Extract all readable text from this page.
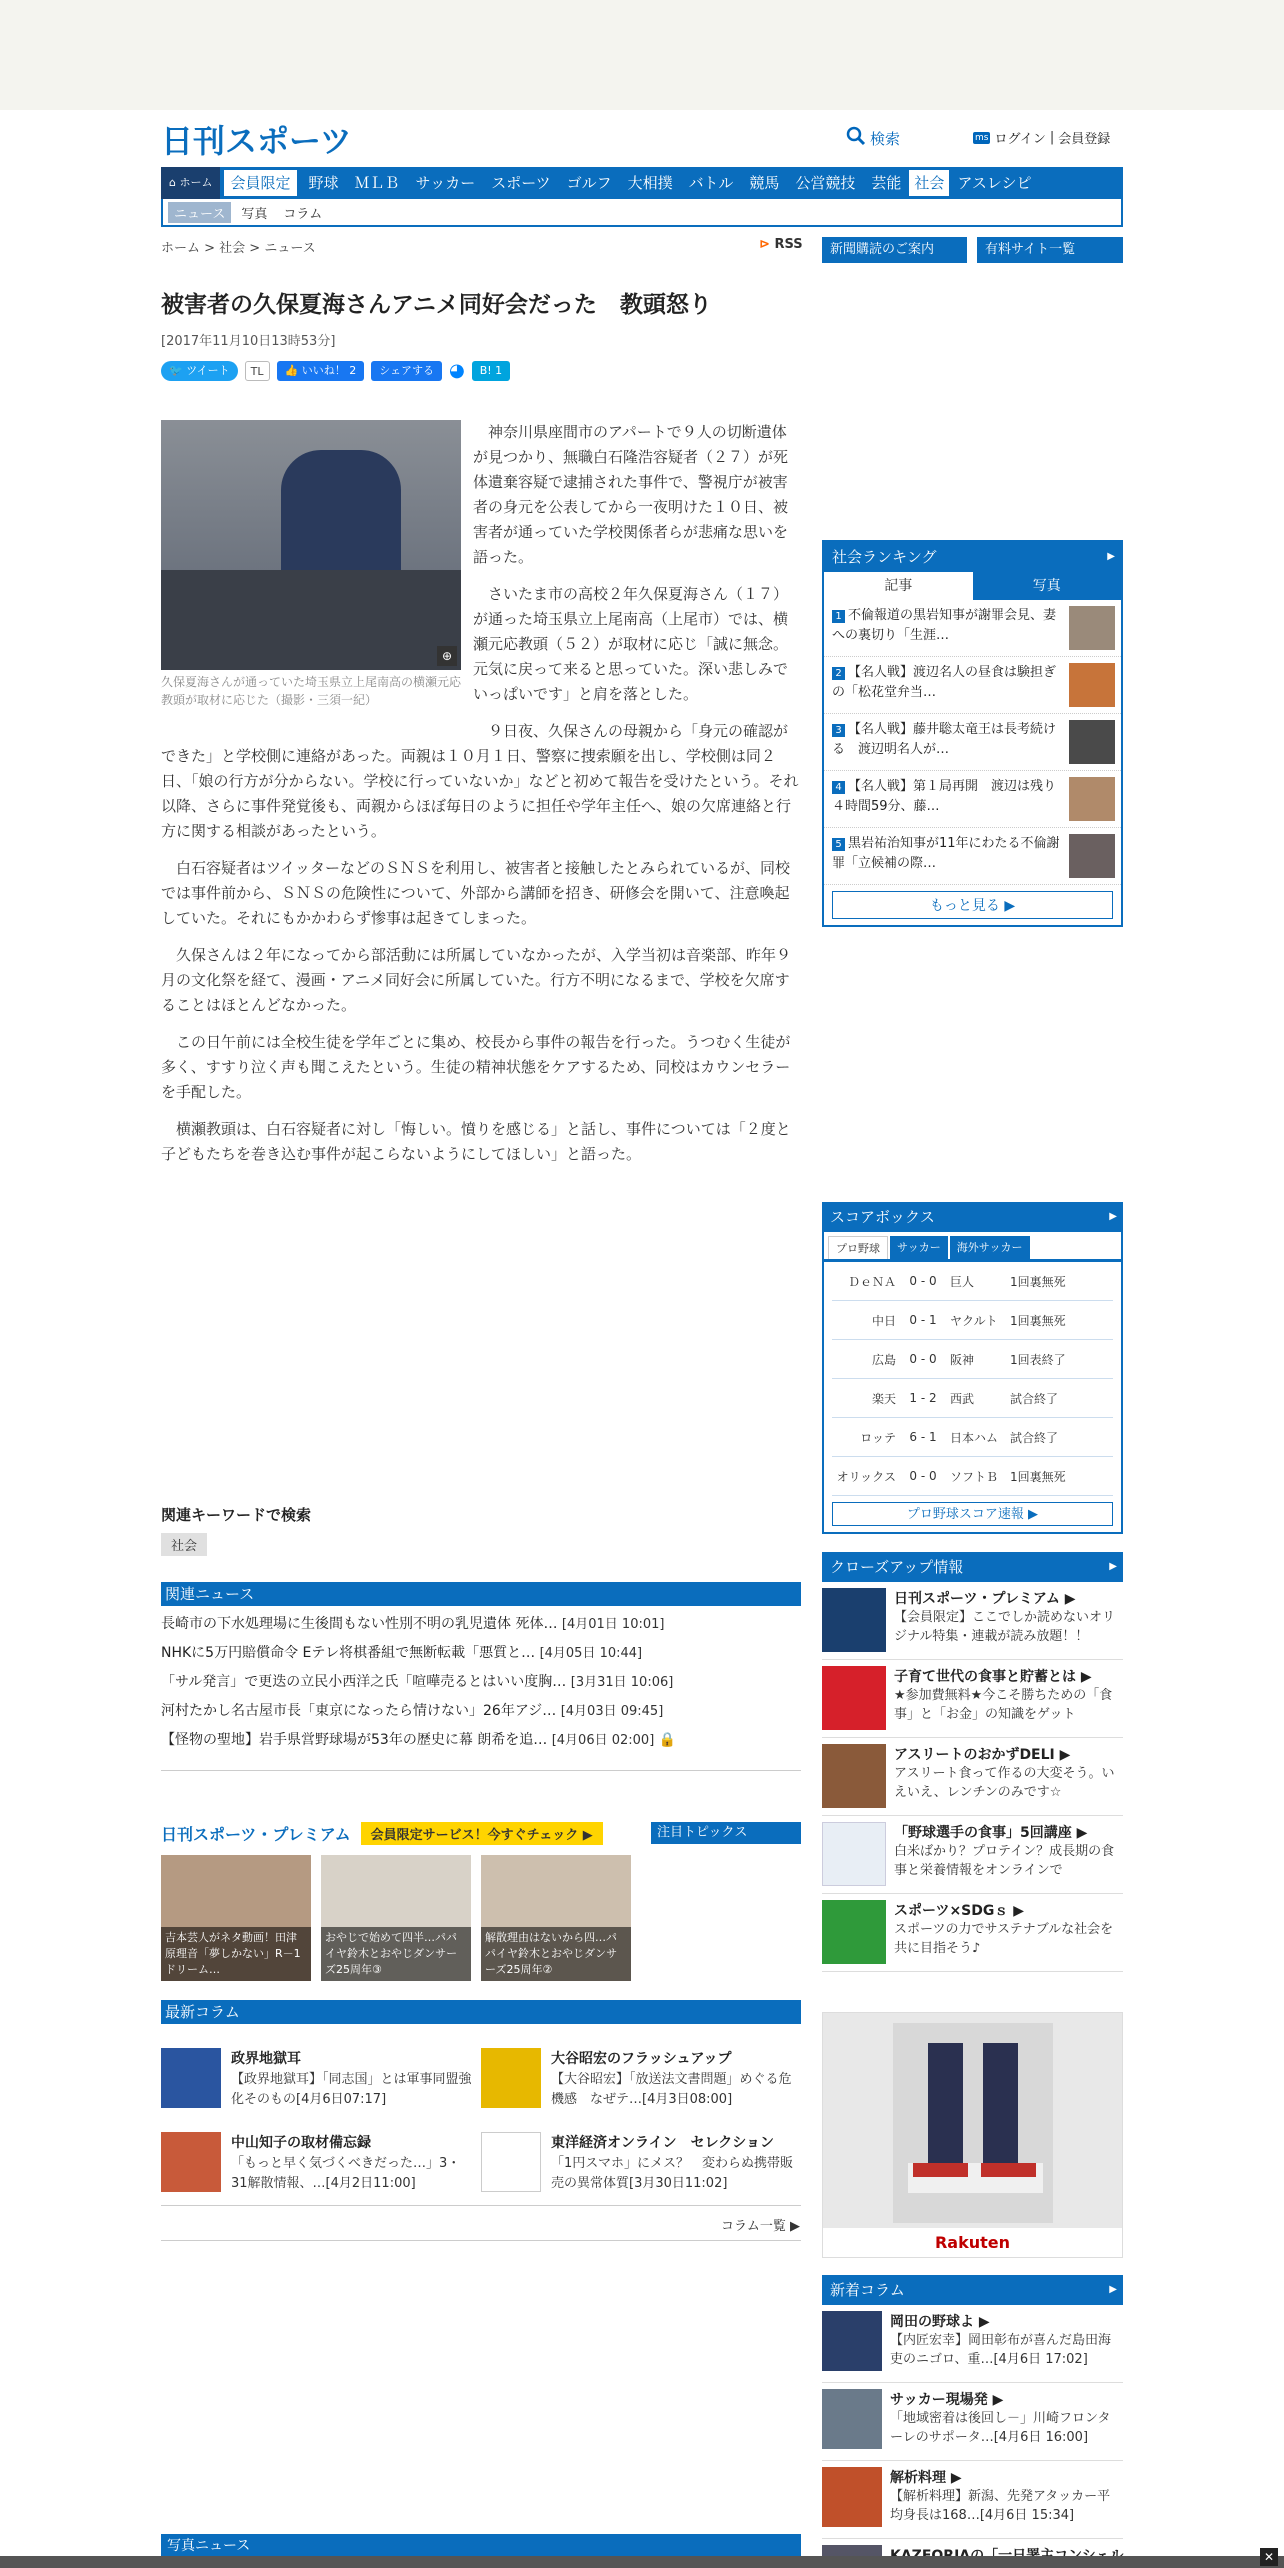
日刊スポーツ	検索	ms ログイン | 会員登録
⌂ ホーム	会員限定	野球	ＭＬＢ	サッカー	スポーツ	ゴルフ	大相撲	バトル	競馬	公営競技	芸能 社会 アスレシピ
ニュース	写真	コラム
ホーム > 社会 > ニュース	⊳ RSS
被害者の久保夏海さんアニメ同好会だった　教頭怒り
[2017年11月10日13時53分]
🐦 ツイート	TL	👍 いいね！ 2	シェアする ◕	B! 1

神奈川県座間市のアパートで９人の切断遺体が見つかり、無職白石隆浩容疑者（２７）が死体遺棄容疑で逮捕された事件で、警視庁が被害者の身元を公表してから一夜明けた１０日、被害者が通っていた学校関係者らが悲痛な思いを語った。

さいたま市の高校２年久保夏海さん（１７）が通った埼玉県立上尾南高（上尾市）では、横瀬元応教頭（５２）が取材に応じ「誠に無念。元気に戻って来ると思っていた。深い悲しみでいっぱいです」と肩を落とした。

９日夜、久保さんの母親から「身元の確認ができた」と学校側に連絡があった。両親は１０月１日、警察に捜索願を出し、学校側は同２日、「娘の行方が分からない。学校に行っていないか」などと初めて報告を受けたという。それ以降、さらに事件発覚後も、両親からほぼ毎日のように担任や学年主任へ、娘の欠席連絡と行方に関する相談があったという。

白石容疑者はツイッターなどのＳＮＳを利用し、被害者と接触したとみられているが、同校では事件前から、ＳＮＳの危険性について、外部から講師を招き、研修会を開いて、注意喚起していた。それにもかかわらず惨事は起きてしまった。

久保さんは２年になってから部活動には所属していなかったが、入学当初は音楽部、昨年９月の文化祭を経て、漫画・アニメ同好会に所属していた。行方不明になるまで、学校を欠席することはほとんどなかった。

この日午前には全校生徒を学年ごとに集め、校長から事件の報告を行った。うつむく生徒が多く、すすり泣く声も聞こえたという。生徒の精神状態をケアするため、同校はカウンセラーを手配した。

横瀬教頭は、白石容疑者に対し「悔しい。憤りを感じる」と話し、事件については「２度と子どもたちを巻き込む事件が起こらないようにしてほしい」と語った。

⊕
久保夏海さんが通っていた埼玉県立上尾南高の横瀬元応教頭が取材に応じた（撮影・三須一紀）
関連キーワードで検索
社会
関連ニュース
長崎市の下水処理場に生後間もない性別不明の乳児遺体 死体… [4月01日 10:01]
NHKに5万円賠償命令 Eテレ将棋番組で無断転載「悪質と… [4月05日 10:44]
「サル発言」で更迭の立民小西洋之氏「喧嘩売るとはいい度胸… [3月31日 10:06]
河村たかし名古屋市長「東京になったら情けない」26年アジ… [4月03日 09:45]
【怪物の聖地】岩手県営野球場が53年の歴史に幕 朗希を追… [4月06日 02:00] 🔒
日刊スポーツ・プレミアム	会員限定サービス！今すぐチェック ▶	注目トピックス
吉本芸人がネタ動画！田津原理音「夢しかない」R－1ドリーム…
おやじで始めて四半…パパイヤ鈴木とおやじダンサーズ25周年③
解散理由はないから四…パパイヤ鈴木とおやじダンサーズ25周年②
最新コラム
政界地獄耳
【政界地獄耳】「同志国」とは軍事同盟強化そのもの[4月6日07:17]
大谷昭宏のフラッシュアップ
【大谷昭宏】「放送法文書問題」めぐる危機感　なぜテ…[4月3日08:00]
中山知子の取材備忘録
「もっと早く気づくべきだった…」3・31解散情報、…[4月2日11:00]
東洋経済オンライン　セレクション
「1円スマホ」にメス？　変わらぬ携帯販売の異常体質[3月30日11:02]
コラム一覧 ▶
写真ニュース
新聞購読のご案内	有料サイト一覧
社会ランキング ▶
記事	写真
1 不倫報道の黒岩知事が謝罪会見、妻への裏切り「生涯…
2 【名人戦】渡辺名人の昼食は験担ぎの「松花堂弁当…
3 【名人戦】藤井聡太竜王は長考続ける　渡辺明名人が…
4 【名人戦】第１局再開　渡辺は残り４時間59分、藤…
5 黒岩祐治知事が11年にわたる不倫謝罪「立候補の際…
もっと見る ▶
スコアボックス ▶
プロ野球	サッカー	海外サッカー
ＤｅＮＡ	0 - 0	巨人	1回裏無死
中日	0 - 1	ヤクルト	1回裏無死
広島	0 - 0	阪神	1回表終了
楽天	1 - 2	西武	試合終了
ロッテ	6 - 1	日本ハム 試合終了
オリックス	0 - 0	ソフトＢ 1回裏無死
プロ野球スコア速報 ▶
クローズアップ情報 ▶
日刊スポーツ・プレミアム ▶
【会員限定】ここでしか読めないオリジナル特集・連載が読み放題！！
子育て世代の食事と貯蓄とは ▶
★参加費無料★今こそ勝ちための「食事」と「お金」の知識をゲット
アスリートのおかずDELI ▶
アスリート食って作るの大変そう。いえいえ、レンチンのみです☆
「野球選手の食事」5回講座 ▶
白米ばかり？プロテイン？成長期の食事と栄養情報をオンラインで
スポーツ×SDGｓ ▶
スポーツの力でサステナブルな社会を共に目指そう♪
Rakuten
新着コラム ▶
岡田の野球よ ▶
【内匠宏幸】岡田彰布が喜んだ島田海吏のニゴロ、重…[4月6日 17:02]
サッカー現場発 ▶
「地域密着は後回し－」川崎フロンターレのサポータ…[4月6日 16:00]
解析料理 ▶
【解析料理】新潟、先発アタッカー平均身長は168…[4月6日 15:34]
✕
